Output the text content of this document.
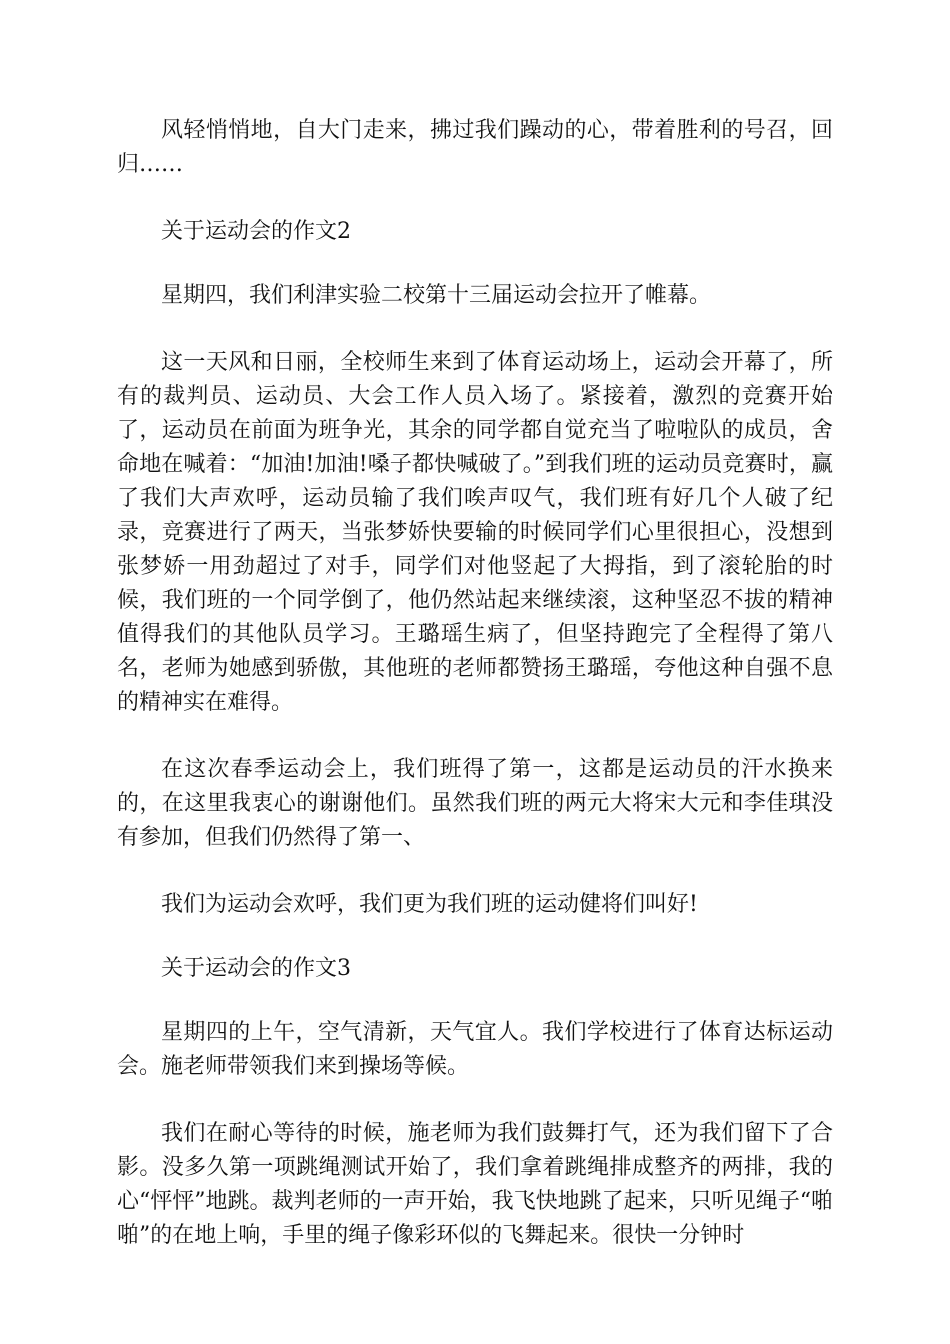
风轻悄悄地，自大门走来，拂过我们躁动的心，带着胜利的号召，回归……

关于运动会的作文2

星期四，我们利津实验二校第十三届运动会拉开了帷幕。

这一天风和日丽，全校师生来到了体育运动场上，运动会开幕了，所有的裁判员、运动员、大会工作人员入场了。紧接着，激烈的竞赛开始了，运动员在前面为班争光，其余的同学都自觉充当了啦啦队的成员，舍命地在喊着：“加油!加油!嗓子都快喊破了。”到我们班的运动员竞赛时，赢了我们大声欢呼，运动员输了我们唉声叹气，我们班有好几个人破了纪录，竞赛进行了两天，当张梦娇快要输的时候同学们心里很担心，没想到张梦娇一用劲超过了对手，同学们对他竖起了大拇指，到了滚轮胎的时候，我们班的一个同学倒了，他仍然站起来继续滚，这种坚忍不拔的精神值得我们的其他队员学习。王璐瑶生病了，但坚持跑完了全程得了第八名，老师为她感到骄傲，其他班的老师都赞扬王璐瑶，夸他这种自强不息的精神实在难得。

在这次春季运动会上，我们班得了第一，这都是运动员的汗水换来的，在这里我衷心的谢谢他们。虽然我们班的两元大将宋大元和李佳琪没有参加，但我们仍然得了第一、

我们为运动会欢呼，我们更为我们班的运动健将们叫好!

关于运动会的作文3

星期四的上午，空气清新，天气宜人。我们学校进行了体育达标运动会。施老师带领我们来到操场等候。

我们在耐心等待的时候，施老师为我们鼓舞打气，还为我们留下了合影。没多久第一项跳绳测试开始了，我们拿着跳绳排成整齐的两排，我的心“怦怦”地跳。裁判老师的一声开始，我飞快地跳了起来，只听见绳子“啪啪”的在地上响，手里的绳子像彩环似的飞舞起来。很快一分钟时
